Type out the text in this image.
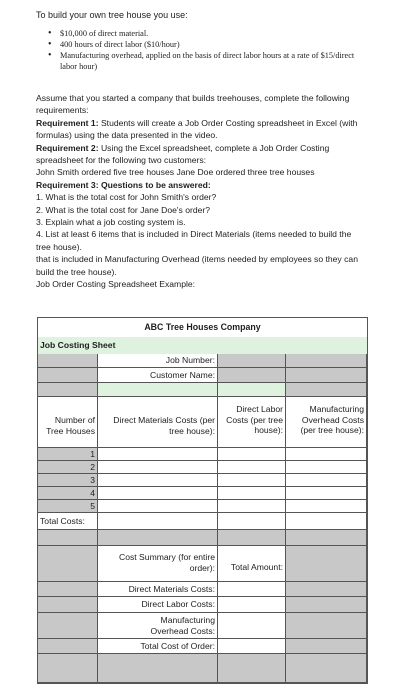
To build your own tree house you use:
• $10,000 of direct material.
• 400 hours of direct labor ($10/hour)
• Manufacturing overhead, applied on the basis of direct labor hours at a rate of $15/direct labor hour)

Assume that you started a company that builds treehouses, complete the following requirements:

Requirement 1: Students will create a Job Order Costing spreadsheet in Excel (with formulas) using the data presented in the video.

Requirement 2: Using the Excel spreadsheet, complete a Job Order Costing spreadsheet for the following two customers:

John Smith ordered five tree houses Jane Doe ordered three tree houses

Requirement 3: Questions to be answered:

1. What is the total cost for John Smith's order?

2. What is the total cost for Jane Doe's order?

3. Explain what a job costing system is.

4. List at least 6 items that is included in Direct Materials (items needed to build the tree house).

that is included in Manufacturing Overhead (items needed by employees so they can build the tree house).

Job Order Costing Spreadsheet Example:

ABC Tree Houses Company
Job Costing Sheet
Job Number:
Customer Name:
Number of Tree Houses
Direct Materials Costs (per tree house):
Direct Labor Costs (per tree house):
Manufacturing Overhead Costs (per tree house):
1
2
3
4
5
Total Costs:
Cost Summary (for entire order):	Total Amount:
Direct Materials Costs:
Direct Labor Costs:
Manufacturing Overhead Costs:
Total Cost of Order:
